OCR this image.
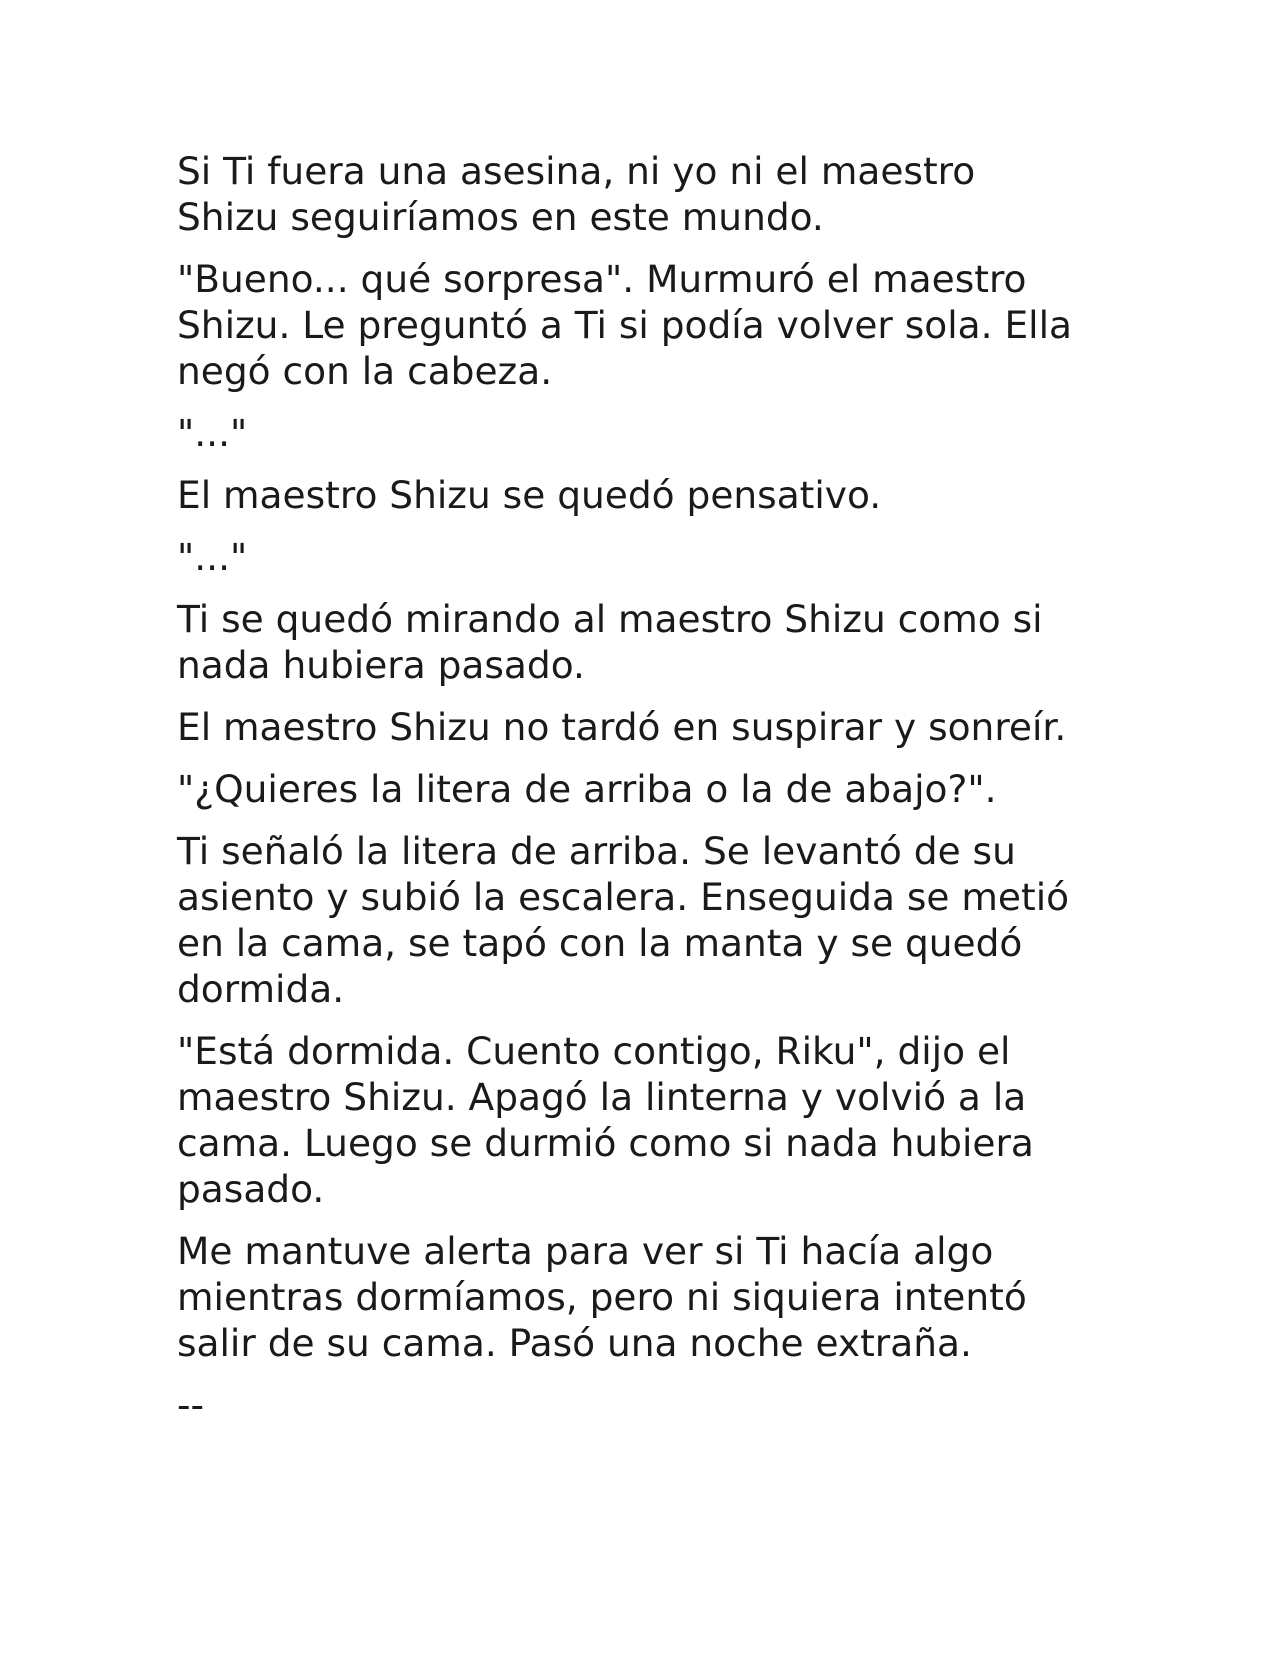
Si Ti fuera una asesina, ni yo ni el maestro
Shizu seguiríamos en este mundo.

"Bueno... qué sorpresa". Murmuró el maestro
Shizu. Le preguntó a Ti si podía volver sola. Ella
negó con la cabeza.

"..."

El maestro Shizu se quedó pensativo.

"..."

Ti se quedó mirando al maestro Shizu como si
nada hubiera pasado.

El maestro Shizu no tardó en suspirar y sonreír.

"¿Quieres la litera de arriba o la de abajo?".

Ti señaló la litera de arriba. Se levantó de su
asiento y subió la escalera. Enseguida se metió
en la cama, se tapó con la manta y se quedó
dormida.

"Está dormida. Cuento contigo, Riku", dijo el
maestro Shizu. Apagó la linterna y volvió a la
cama. Luego se durmió como si nada hubiera
pasado.

Me mantuve alerta para ver si Ti hacía algo
mientras dormíamos, pero ni siquiera intentó
salir de su cama. Pasó una noche extraña.

--
